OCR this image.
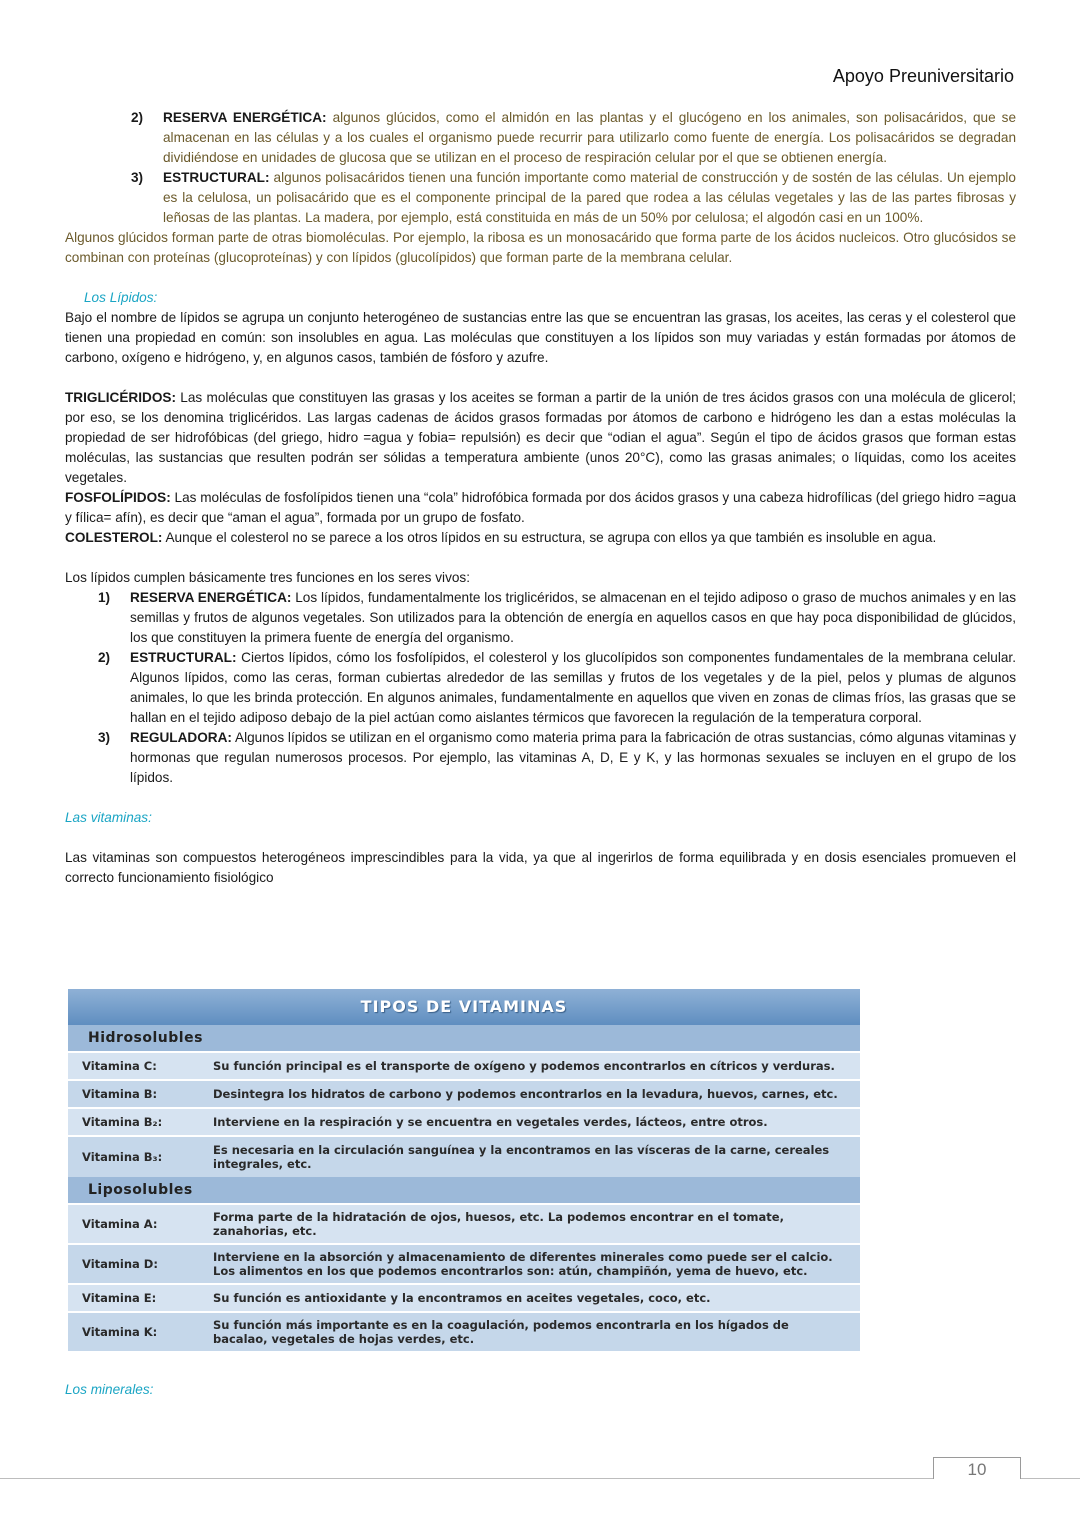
Apoyo Preuniversitario
2) RESERVA ENERGÉTICA: algunos glúcidos, como el almidón en las plantas y el glucógeno en los animales, son polisacáridos, que se almacenan en las células y a los cuales el organismo puede recurrir para utilizarlo como fuente de energía. Los polisacáridos se degradan dividiéndose en unidades de glucosa que se utilizan en el proceso de respiración celular por el que se obtienen energía.
3) ESTRUCTURAL: algunos polisacáridos tienen una función importante como material de construcción y de sostén de las células. Un ejemplo es la celulosa, un polisacárido que es el componente principal de la pared que rodea a las células vegetales y las de las partes fibrosas y leñosas de las plantas. La madera, por ejemplo, está constituida en más de un 50% por celulosa; el algodón casi en un 100%.

Algunos glúcidos forman parte de otras biomoléculas. Por ejemplo, la ribosa es un monosacárido que forma parte de los ácidos nucleicos. Otro glucósidos se combinan con proteínas (glucoproteínas) y con lípidos (glucolípidos) que forman parte de la membrana celular.

Los Lípidos:

Bajo el nombre de lípidos se agrupa un conjunto heterogéneo de sustancias entre las que se encuentran las grasas, los aceites, las ceras y el colesterol que tienen una propiedad en común: son insolubles en agua. Las moléculas que constituyen a los lípidos son muy variadas y están formadas por átomos de carbono, oxígeno e hidrógeno, y, en algunos casos, también de fósforo y azufre.

TRIGLICÉRIDOS: Las moléculas que constituyen las grasas y los aceites se forman a partir de la unión de tres ácidos grasos con una molécula de glicerol; por eso, se los denomina triglicéridos. Las largas cadenas de ácidos grasos formadas por átomos de carbono e hidrógeno les dan a estas moléculas la propiedad de ser hidrofóbicas (del griego, hidro =agua y fobia= repulsión) es decir que “odian el agua”. Según el tipo de ácidos grasos que forman estas moléculas, las sustancias que resulten podrán ser sólidas a temperatura ambiente (unos 20°C), como las grasas animales; o líquidas, como los aceites vegetales.

FOSFOLÍPIDOS: Las moléculas de fosfolípidos tienen una “cola” hidrofóbica formada por dos ácidos grasos y una cabeza hidrofílicas (del griego hidro =agua y fílica= afín), es decir que “aman el agua”, formada por un grupo de fosfato.

COLESTEROL: Aunque el colesterol no se parece a los otros lípidos en su estructura, se agrupa con ellos ya que también es insoluble en agua.

Los lípidos cumplen básicamente tres funciones en los seres vivos:

1) RESERVA ENERGÉTICA: Los lípidos, fundamentalmente los triglicéridos, se almacenan en el tejido adiposo o graso de muchos animales y en las semillas y frutos de algunos vegetales. Son utilizados para la obtención de energía en aquellos casos en que hay poca disponibilidad de glúcidos, los que constituyen la primera fuente de energía del organismo.
2) ESTRUCTURAL: Ciertos lípidos, cómo los fosfolípidos, el colesterol y los glucolípidos son componentes fundamentales de la membrana celular. Algunos lípidos, como las ceras, forman cubiertas alrededor de las semillas y frutos de los vegetales y de la piel, pelos y plumas de algunos animales, lo que les brinda protección. En algunos animales, fundamentalmente en aquellos que viven en zonas de climas fríos, las grasas que se hallan en el tejido adiposo debajo de la piel actúan como aislantes térmicos que favorecen la regulación de la temperatura corporal.
3) REGULADORA: Algunos lípidos se utilizan en el organismo como materia prima para la fabricación de otras sustancias, cómo algunas vitaminas y hormonas que regulan numerosos procesos. Por ejemplo, las vitaminas A, D, E y K, y las hormonas sexuales se incluyen en el grupo de los lípidos.

Las vitaminas:

Las vitaminas son compuestos heterogéneos imprescindibles para la vida, ya que al ingerirlos de forma equilibrada y en dosis esenciales promueven el correcto funcionamiento fisiológico

TIPOS DE VITAMINAS
Hidrosolubles
Vitamina C:	Su función principal es el transporte de oxígeno y podemos encontrarlos en cítricos y verduras.
Vitamina B:	Desintegra los hidratos de carbono y podemos encontrarlos en la levadura, huevos, carnes, etc.
Vitamina B₂:	Interviene en la respiración y se encuentra en vegetales verdes, lácteos, entre otros.
Vitamina B₃:	Es necesaria en la circulación sanguínea y la encontramos en las vísceras de la carne, cereales integrales, etc.
Liposolubles
Vitamina A:	Forma parte de la hidratación de ojos, huesos, etc. La podemos encontrar en el tomate, zanahorias, etc.
Vitamina D:	Interviene en la absorción y almacenamiento de diferentes minerales como puede ser el calcio. Los alimentos en los que podemos encontrarlos son: atún, champiñón, yema de huevo, etc.
Vitamina E:	Su función es antioxidante y la encontramos en aceites vegetales, coco, etc.
Vitamina K:	Su función más importante es en la coagulación, podemos encontrarla en los hígados de bacalao, vegetales de hojas verdes, etc.

Los minerales:

10
